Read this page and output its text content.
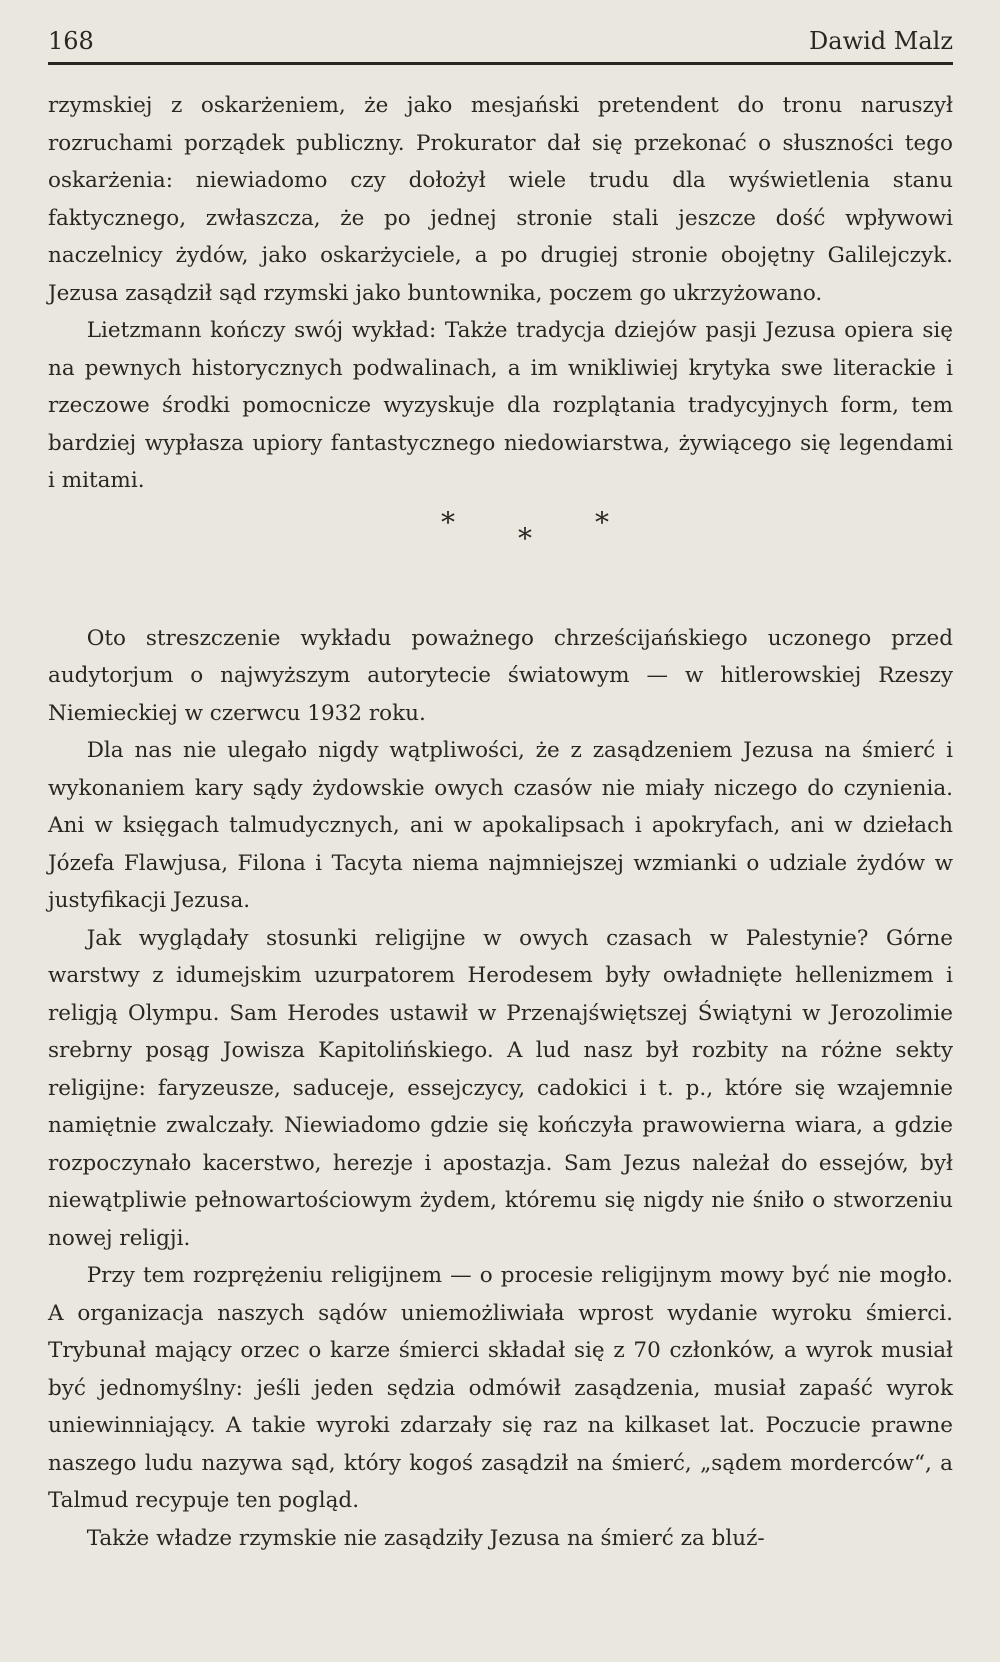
168	Dawid Malz

rzymskiej z oskarżeniem, że jako mesjański pretendent do tronu naruszył rozruchami porządek publiczny. Prokurator dał się przekonać o słuszności tego oskarżenia: niewiadomo czy dołożył wiele trudu dla wyświetlenia stanu faktycznego, zwłaszcza, że po jednej stronie stali jeszcze dość wpływowi naczelnicy żydów, jako oskarżyciele, a po drugiej stronie obojętny Galilejczyk. Jezusa zasądził sąd rzymski jako buntownika, poczem go ukrzyżowano.

Lietzmann kończy swój wykład: Także tradycja dziejów pasji Jezusa opiera się na pewnych historycznych podwalinach, a im wnikliwiej krytyka swe literackie i rzeczowe środki pomocnicze wyzyskuje dla rozplątania tradycyjnych form, tem bardziej wypłasza upiory fantastycznego niedowiarstwa, żywiącego się legendami i mitami.

* * *

Oto streszczenie wykładu poważnego chrześcijańskiego uczonego przed audytorjum o najwyższym autorytecie światowym — w hitlerowskiej Rzeszy Niemieckiej w czerwcu 1932 roku.

Dla nas nie ulegało nigdy wątpliwości, że z zasądzeniem Jezusa na śmierć i wykonaniem kary sądy żydowskie owych czasów nie miały niczego do czynienia. Ani w księgach talmudycznych, ani w apokalipsach i apokryfach, ani w dziełach Józefa Flawjusa, Filona i Tacyta niema najmniejszej wzmianki o udziale żydów w justyfikacji Jezusa.

Jak wyglądały stosunki religijne w owych czasach w Palestynie? Górne warstwy z idumejskim uzurpatorem Herodesem były owładnięte hellenizmem i religją Olympu. Sam Herodes ustawił w Przenajświętszej Świątyni w Jerozolimie srebrny posąg Jowisza Kapitolińskiego. A lud nasz był rozbity na różne sekty religijne: faryzeusze, saduceje, essejczycy, cadokici i t. p., które się wzajemnie namiętnie zwalczały. Niewiadomo gdzie się kończyła prawowierna wiara, a gdzie rozpoczynało kacerstwo, herezje i apostazja. Sam Jezus należał do essejów, był niewątpliwie pełnowartościowym żydem, któremu się nigdy nie śniło o stworzeniu nowej religji.

Przy tem rozprężeniu religijnem — o procesie religijnym mowy być nie mogło. A organizacja naszych sądów uniemożliwiała wprost wydanie wyroku śmierci. Trybunał mający orzec o karze śmierci składał się z 70 członków, a wyrok musiał być jednomyślny: jeśli jeden sędzia odmówił zasądzenia, musiał zapaść wyrok uniewinniający. A takie wyroki zdarzały się raz na kilkaset lat. Poczucie prawne naszego ludu nazywa sąd, który kogoś zasądził na śmierć, „sądem morderców“, a Talmud recypuje ten pogląd.

Także władze rzymskie nie zasądziły Jezusa na śmierć za bluź-
